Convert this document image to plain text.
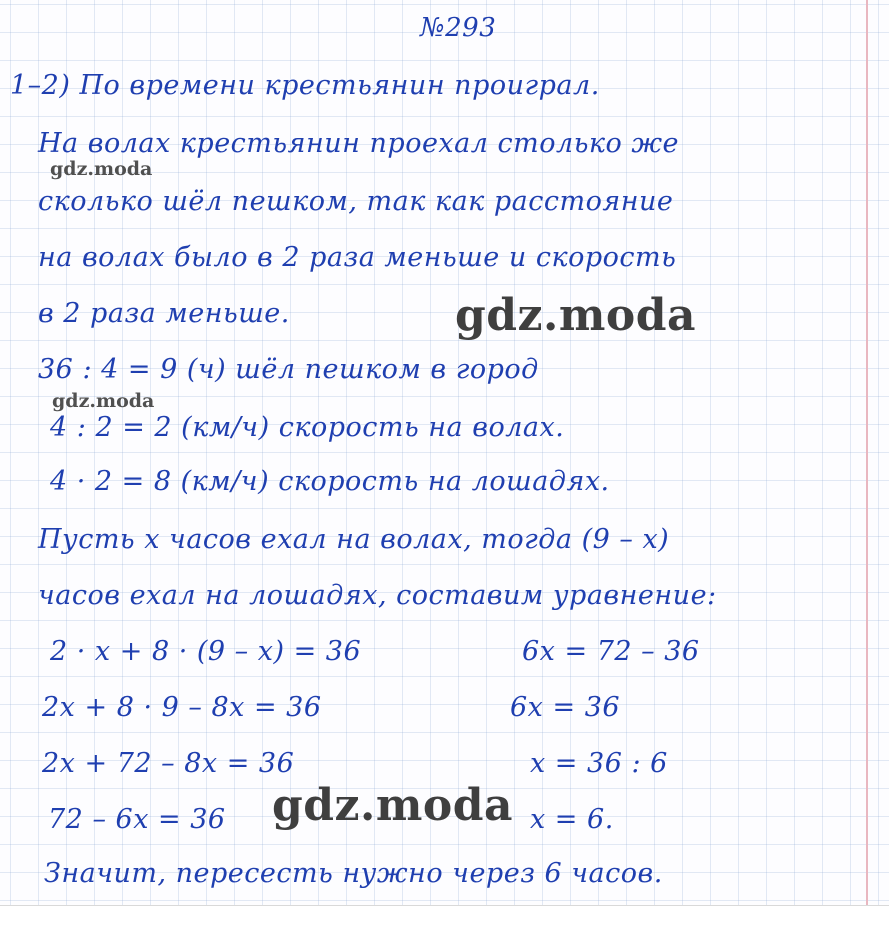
№293
1–2) По времени крестьянин проиграл.
На волах крестьянин проехал столько же
сколько шёл пешком, так как расстояние
на волах было в 2 раза меньше и скорость
в 2 раза меньше.
36 : 4 = 9 (ч) шёл пешком в город
4 : 2 = 2 (км/ч) скорость на волах.
4 · 2 = 8 (км/ч) скорость на лошадях.
Пусть х часов ехал на волах, тогда (9 – х)
часов ехал на лошадях, составим уравнение:
2 · х + 8 · (9 – х) = 36
2х + 8 · 9 – 8х = 36
2х + 72 – 8х = 36
72 – 6х = 36
6х = 72 – 36
6х = 36
х = 36 : 6
х = 6.
Значит, пересесть нужно через 6 часов.
gdz.moda
gdz.moda
gdz.moda
gdz.moda
